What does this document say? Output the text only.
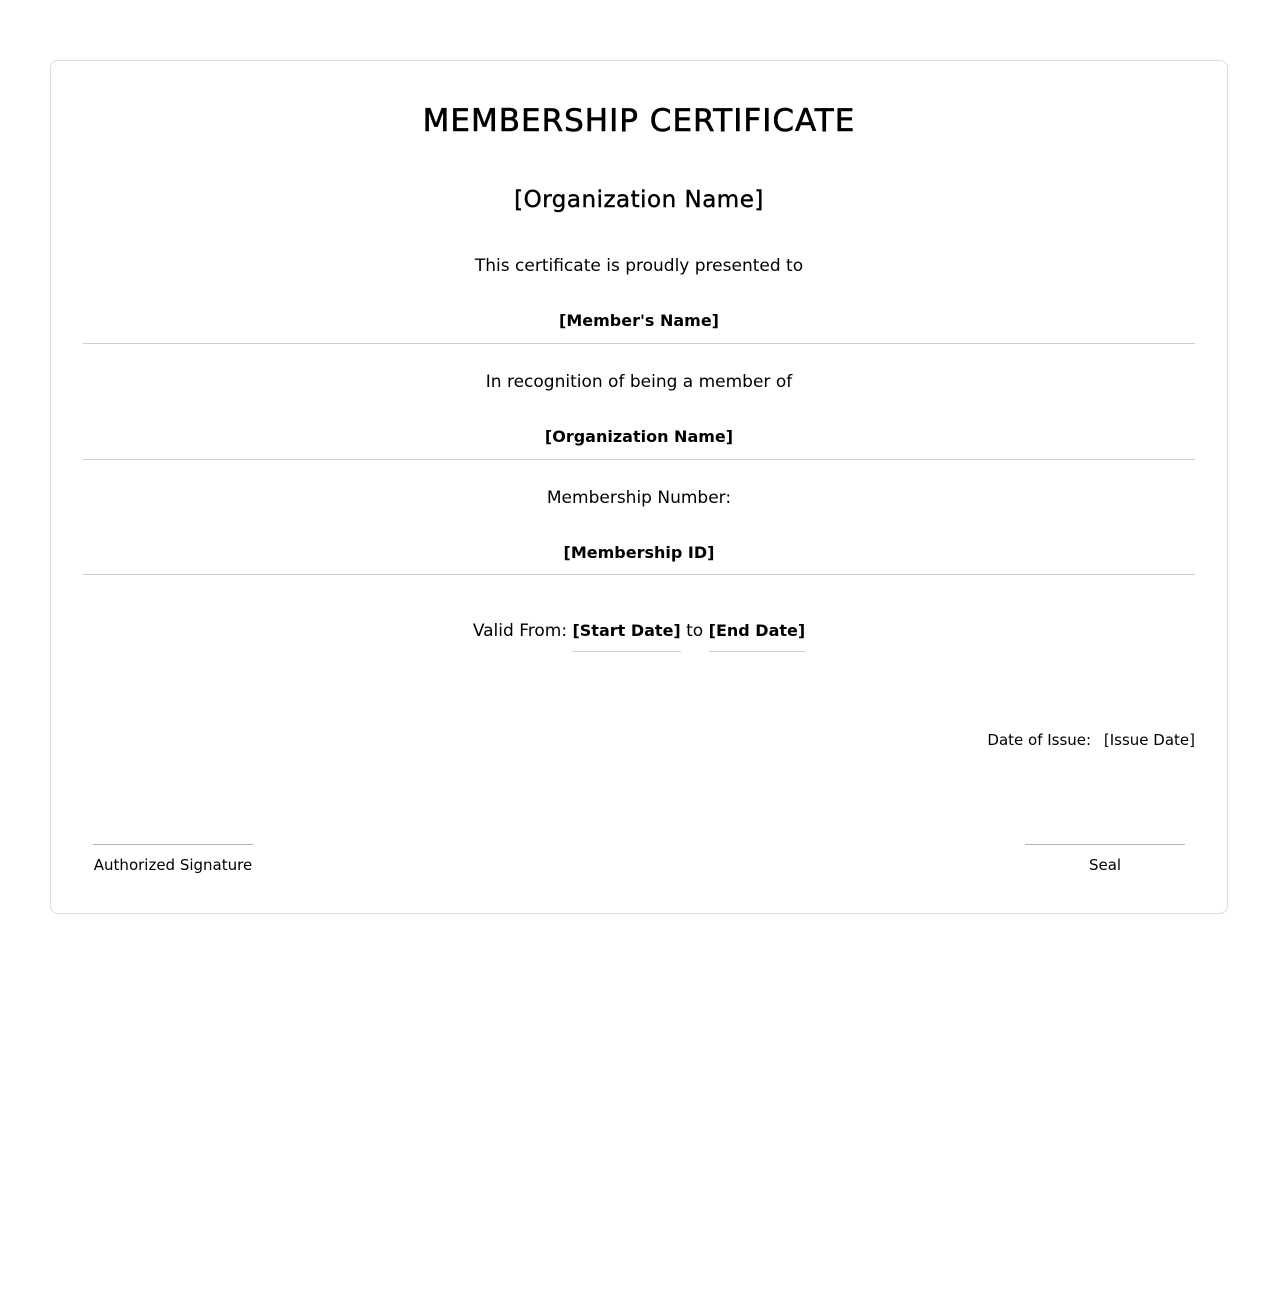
MEMBERSHIP CERTIFICATE
[Organization Name]
This certificate is proudly presented to
[Member's Name]
In recognition of being a member of
[Organization Name]
Membership Number:
[Membership ID]
Valid From: [Start Date] to [End Date]
Date of Issue: [Issue Date]
Authorized Signature	Seal
